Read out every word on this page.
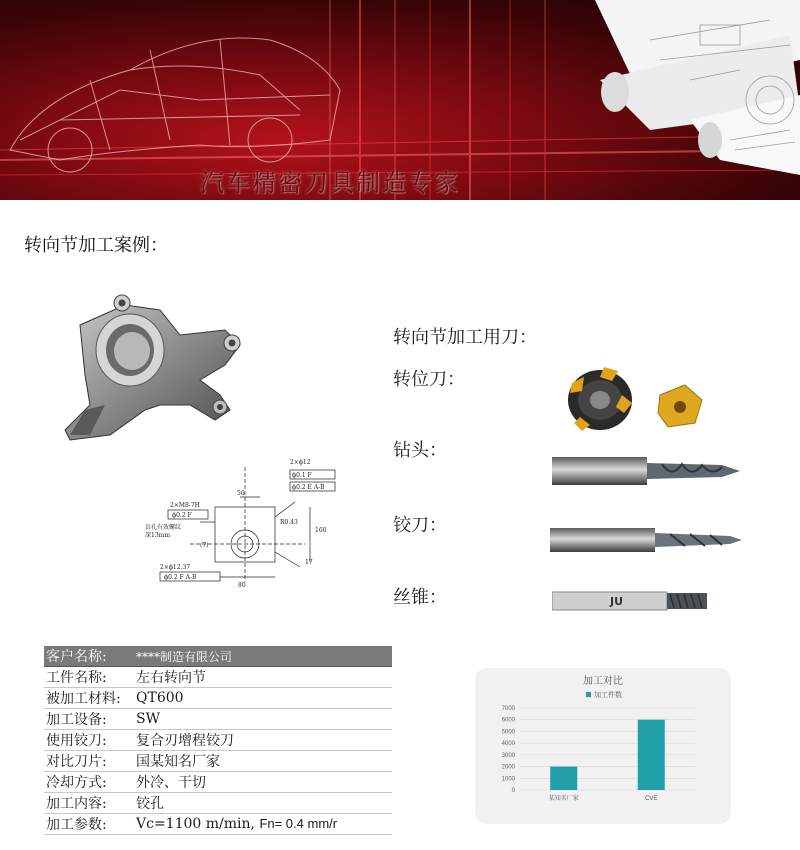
汽车精密刀具制造专家
转向节加工案例：
2×M8-7H
ϕ0.2 F
盲孔有效螺纹
深13mm
2×ϕ12.37
ϕ0.2 F A-B
56
80
17
R0.43
160
2×ϕ12
ϕ0.1 F
ϕ0.2 E A-B
(7)
转向节加工用刀：
转位刀：
钻头：
铰刀：
丝锥：	JU
客户名称:	****制造有限公司
工件名称:	左右转向节
被加工材料:	QT600
加工设备:	SW
使用铰刀:	复合刃增程铰刀
对比刀片:	国某知名厂家
冷却方式:	外冷、干切
加工内容:	铰孔
加工参数:	Vc=1100 m/min, Fn= 0.4 mm/r
加工对比
加工件数
0
1000
2000
3000
4000
5000
6000
7000
某知名厂家	CVE
